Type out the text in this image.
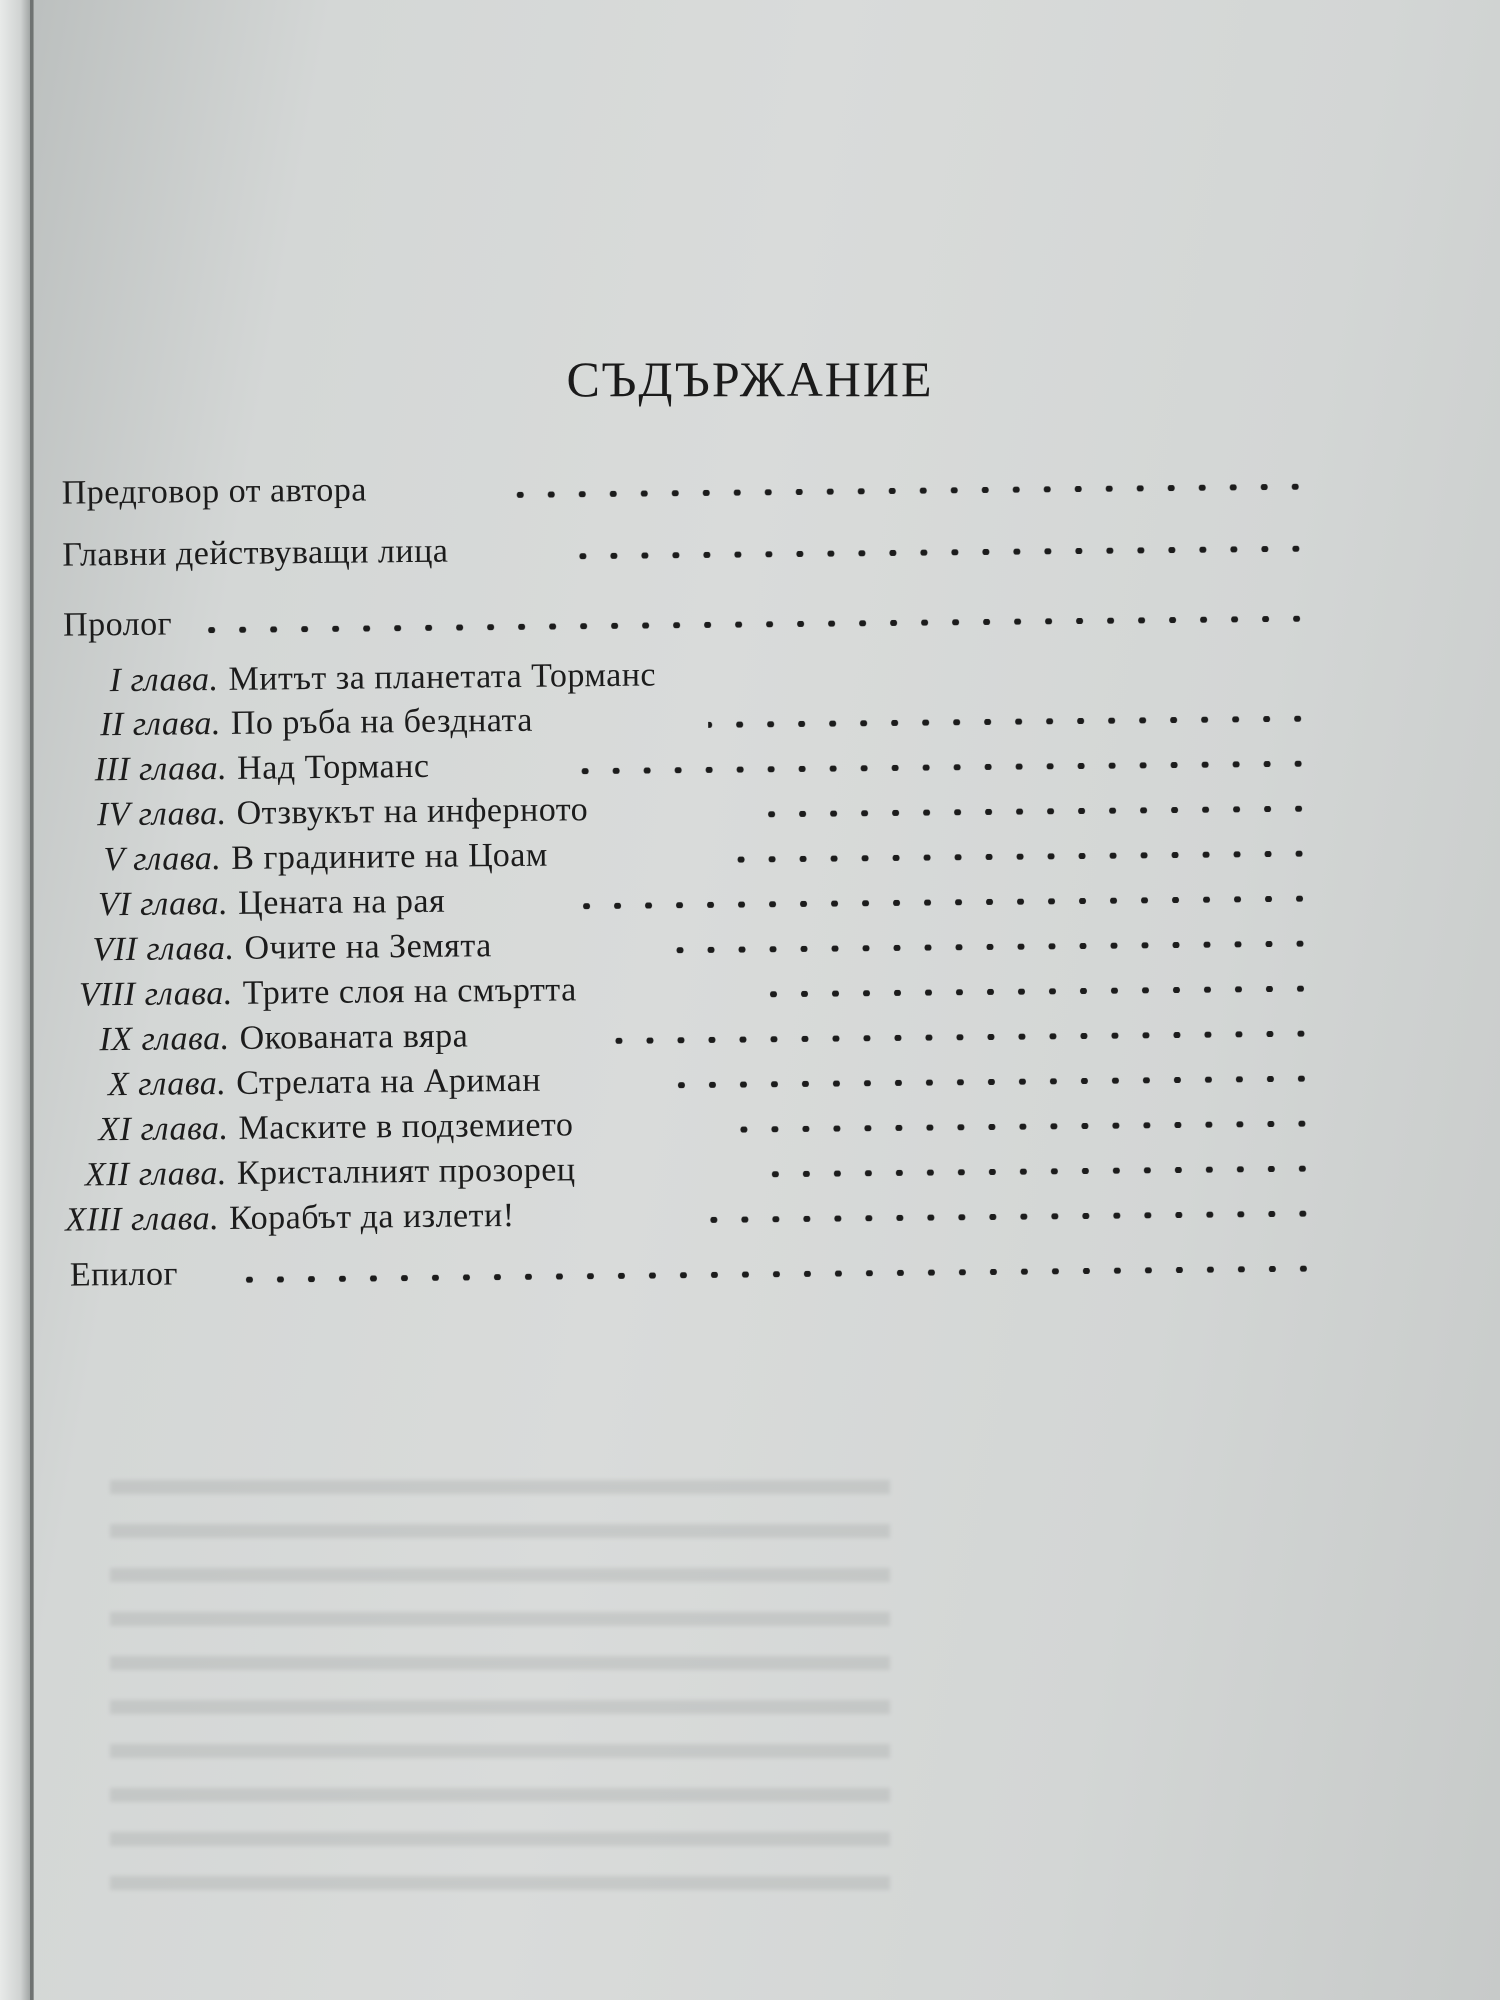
СЪДЪРЖАНИЕ
Предговор от автора
Главни действуващи лица
Пролог
I глава. Митът за планетата Торманс
II глава. По ръба на бездната
III глава. Над Торманс
IV глава. Отзвукът на инферното
V глава. В градините на Цоам
VI глава. Цената на рая
VII глава. Очите на Земята
VIII глава. Трите слоя на смъртта
IX глава. Окованата вяра
X глава. Стрелата на Ариман
XI глава. Маските в подземието
XII глава. Кристалният прозорец
XIII глава. Корабът да излети!
Епилог
